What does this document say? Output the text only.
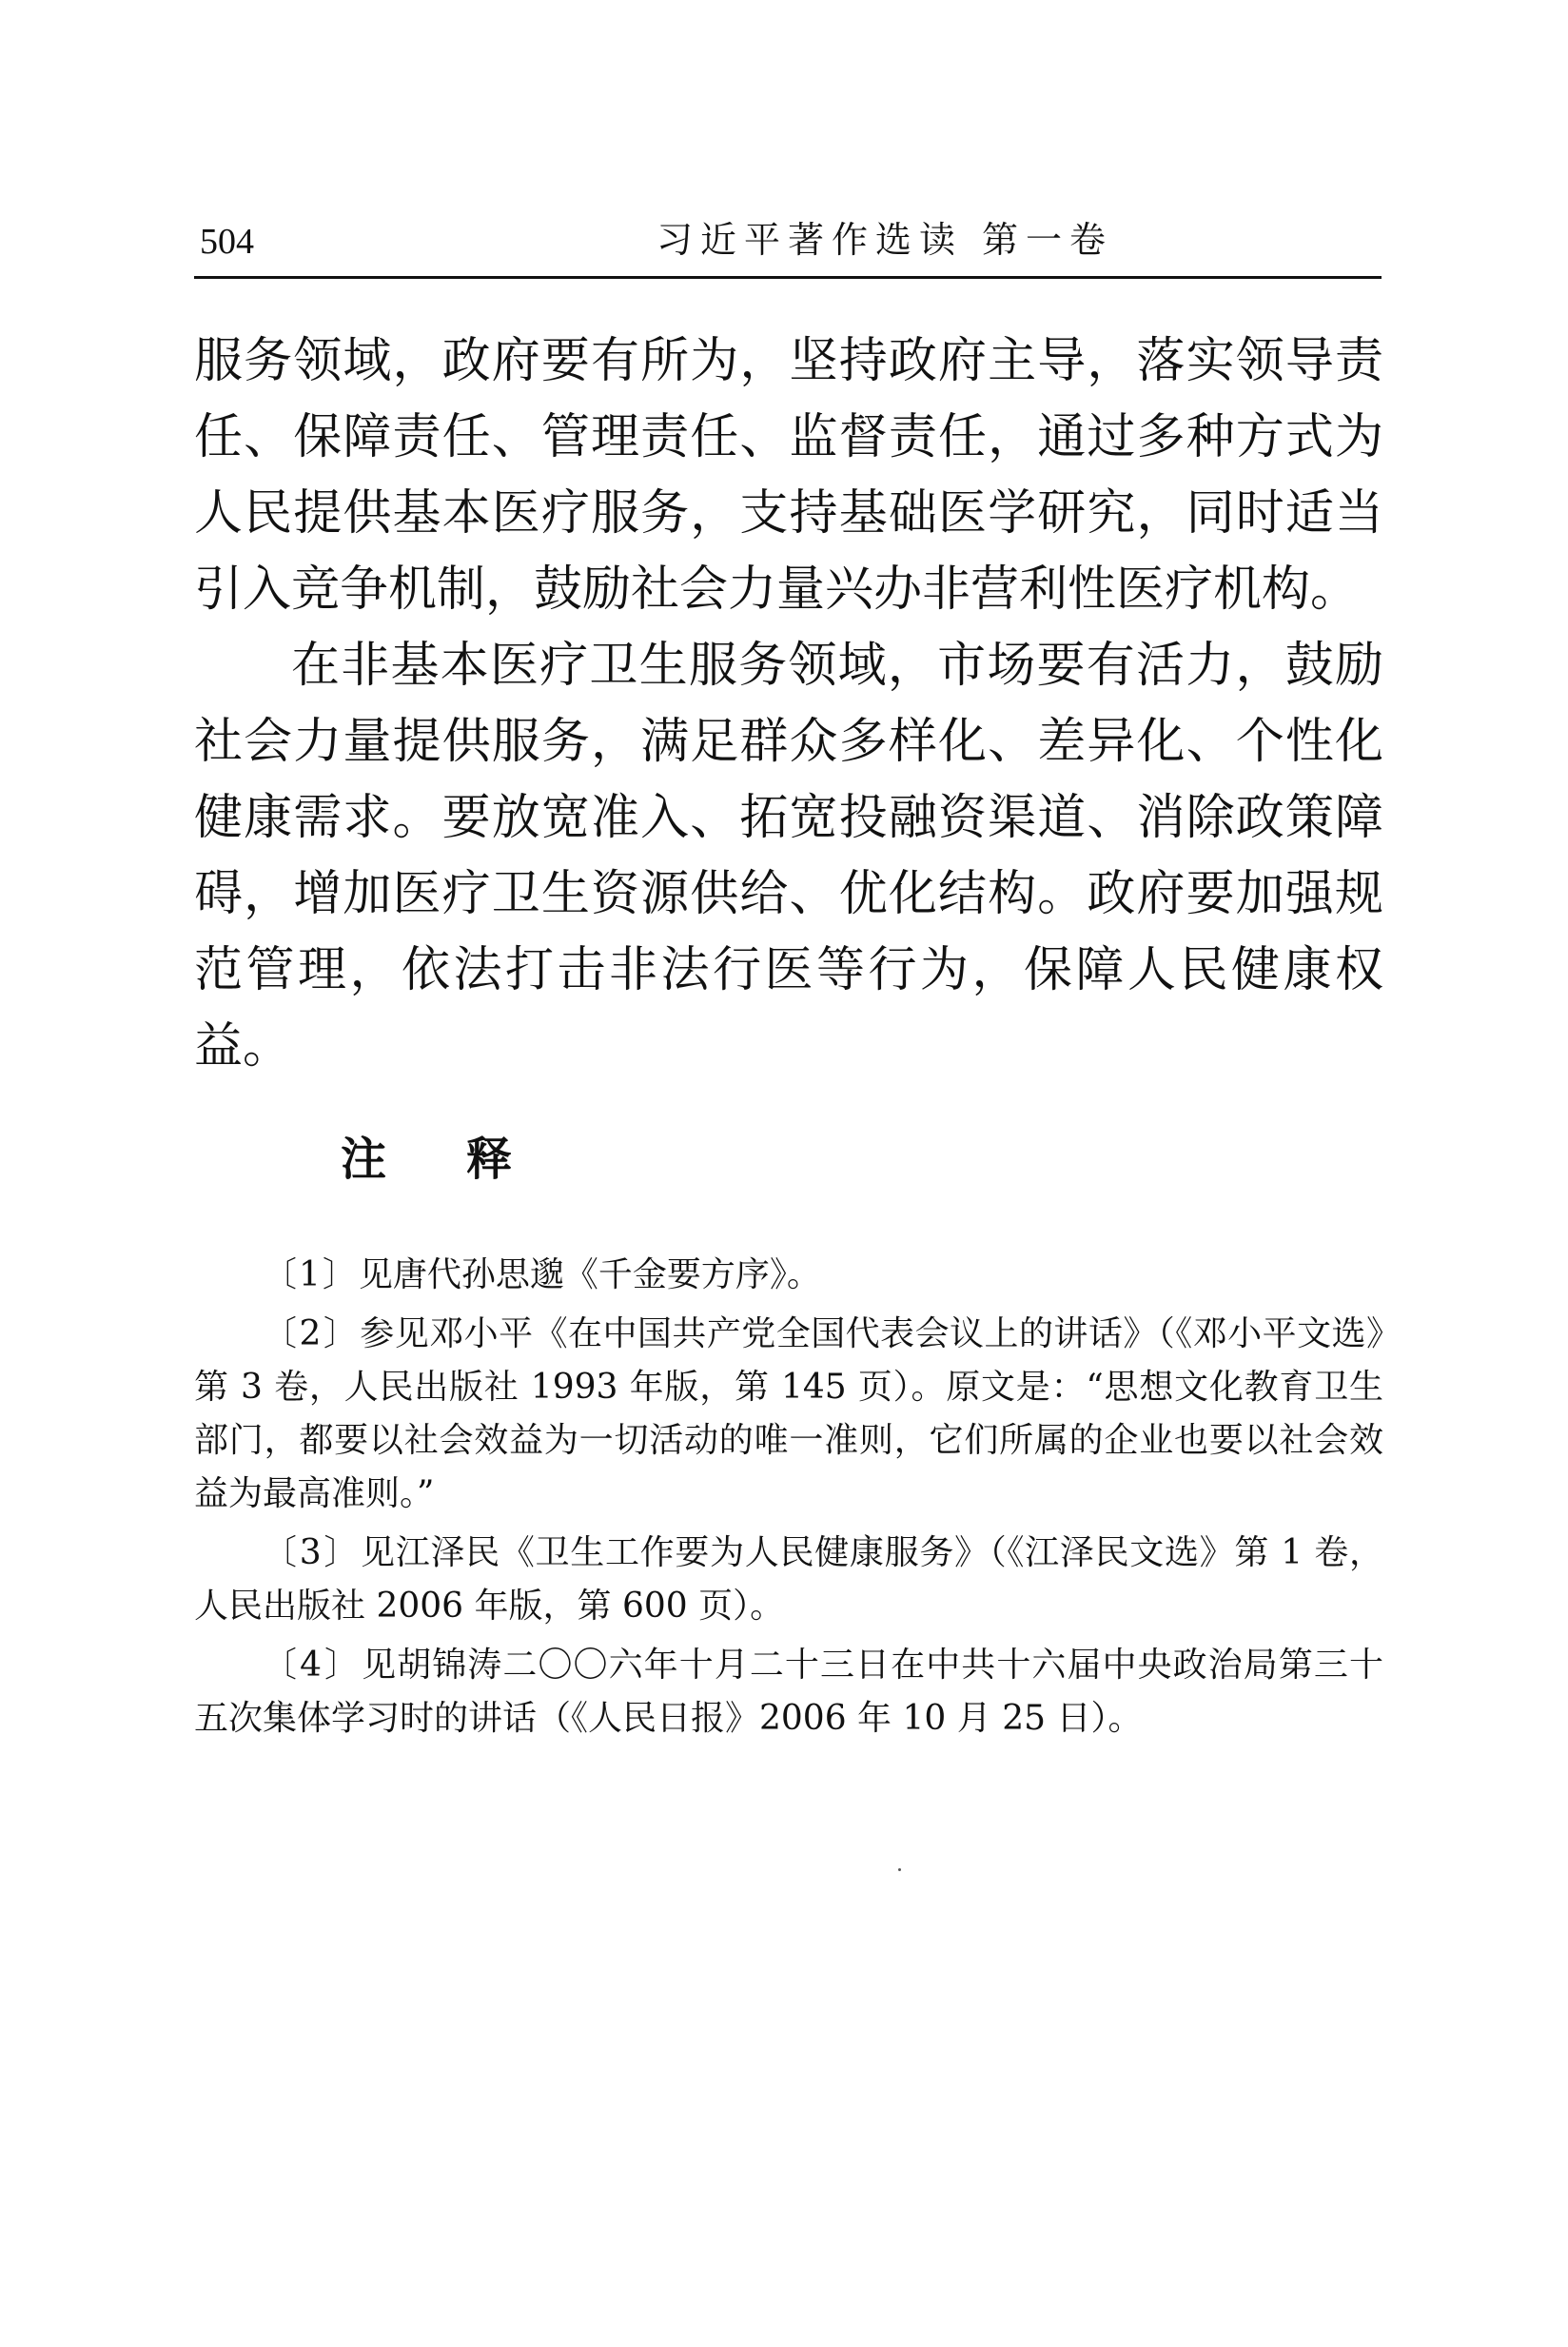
504	习近平著作选读 第一卷

服务领域，政府要有所为，坚持政府主导，落实领导责任、保障责任、管理责任、监督责任，通过多种方式为人民提供基本医疗服务，支持基础医学研究，同时适当引入竞争机制，鼓励社会力量兴办非营利性医疗机构。

在非基本医疗卫生服务领域，市场要有活力，鼓励社会力量提供服务，满足群众多样化、差异化、个性化健康需求。要放宽准入、拓宽投融资渠道、消除政策障碍，增加医疗卫生资源供给、优化结构。政府要加强规范管理，依法打击非法行医等行为，保障人民健康权益。

注 释

〔1〕见唐代孙思邈《千金要方序》。

〔2〕参见邓小平《在中国共产党全国代表会议上的讲话》（《邓小平文选》第 3 卷，人民出版社 1993 年版，第 145 页）。原文是：“思想文化教育卫生部门，都要以社会效益为一切活动的唯一准则，它们所属的企业也要以社会效益为最高准则。”

〔3〕见江泽民《卫生工作要为人民健康服务》（《江泽民文选》第 1 卷，人民出版社 2006 年版，第 600 页）。

〔4〕见胡锦涛二〇〇六年十月二十三日在中共十六届中央政治局第三十五次集体学习时的讲话（《人民日报》2006 年 10 月 25 日）。
